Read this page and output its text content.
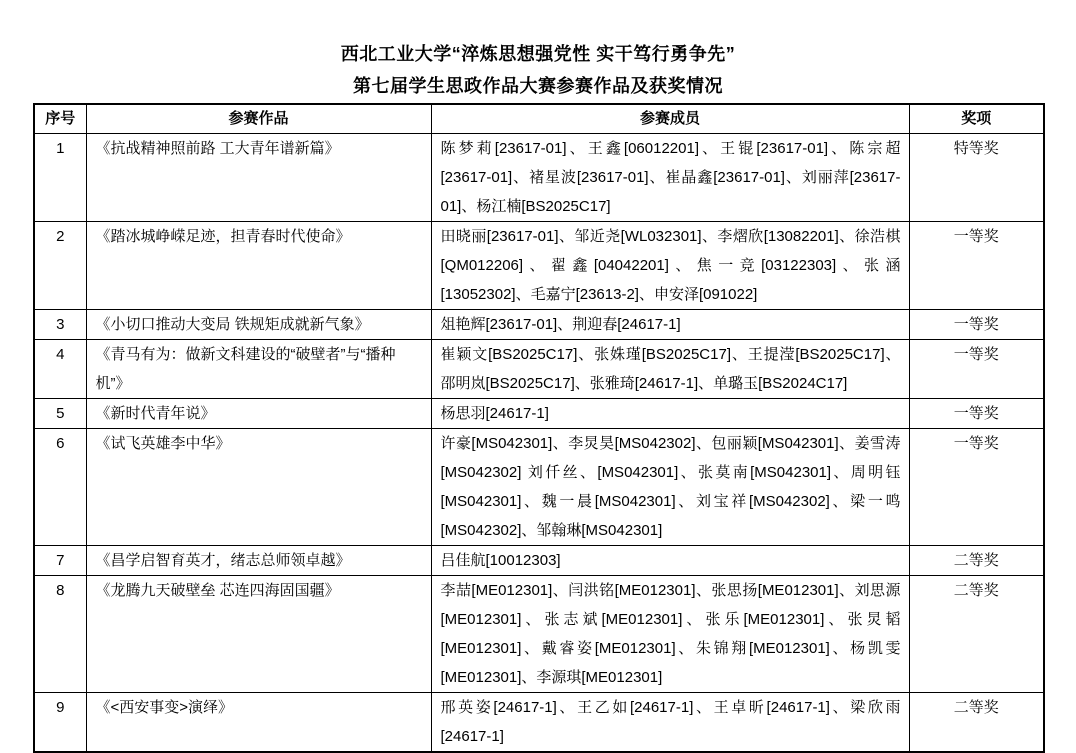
西北工业大学“淬炼思想强党性 实干笃行勇争先”
第七届学生思政作品大赛参赛作品及获奖情况
序号	参赛作品	参赛成员	奖项
1	《抗战精神照前路 工大青年谱新篇》	陈梦莉[23617-01]、王鑫[06012201]、王锟[23617-01]、陈宗超[23617-01]、褚星波[23617-01]、崔晶鑫[23617-01]、刘丽萍[23617-01]、杨江楠[BS2025C17]	特等奖
2	《踏冰城峥嵘足迹，担青春时代使命》	田晓丽[23617-01]、邹近尧[WL032301]、李熠欣[13082201]、徐浩棋[QM012206]、翟鑫[04042201]、焦一竞[03122303]、张涵[13052302]、毛嘉宁[23613-2]、申安泽[091022]	一等奖
3	《小切口推动大变局 铁规矩成就新气象》	俎艳辉[23617-01]、荆迎春[24617-1]	一等奖
4	《青马有为：做新文科建设的“破壁者”与“播种机”》	崔颖文[BS2025C17]、张姝瑾[BS2025C17]、王提滢[BS2025C17]、邵明岚[BS2025C17]、张雅琦[24617-1]、单璐玉[BS2024C17]	一等奖
5	《新时代青年说》	杨思羽[24617-1]	一等奖
6	《试飞英雄李中华》	许豪[MS042301]、李炅昊[MS042302]、包丽颖[MS042301]、姜雪涛[MS042302] 刘仟丝、[MS042301]、张莫南[MS042301]、周明钰[MS042301]、魏一晨[MS042301]、刘宝祥[MS042302]、梁一鸣[MS042302]、邹翰琳[MS042301]	一等奖
7	《昌学启智育英才，绪志总师领卓越》	吕佳航[10012303]	二等奖
8	《龙腾九天破壁垒 芯连四海固国疆》	李喆[ME012301]、闫洪铭[ME012301]、张思扬[ME012301]、刘思源[ME012301]、张志斌[ME012301]、张乐[ME012301]、张炅韬[ME012301]、戴睿姿[ME012301]、朱锦翔[ME012301]、杨凯雯[ME012301]、李源琪[ME012301]	二等奖
9	《<西安事变>演绎》	邢英姿[24617-1]、王乙如[24617-1]、王卓昕[24617-1]、梁欣雨[24617-1]	二等奖
